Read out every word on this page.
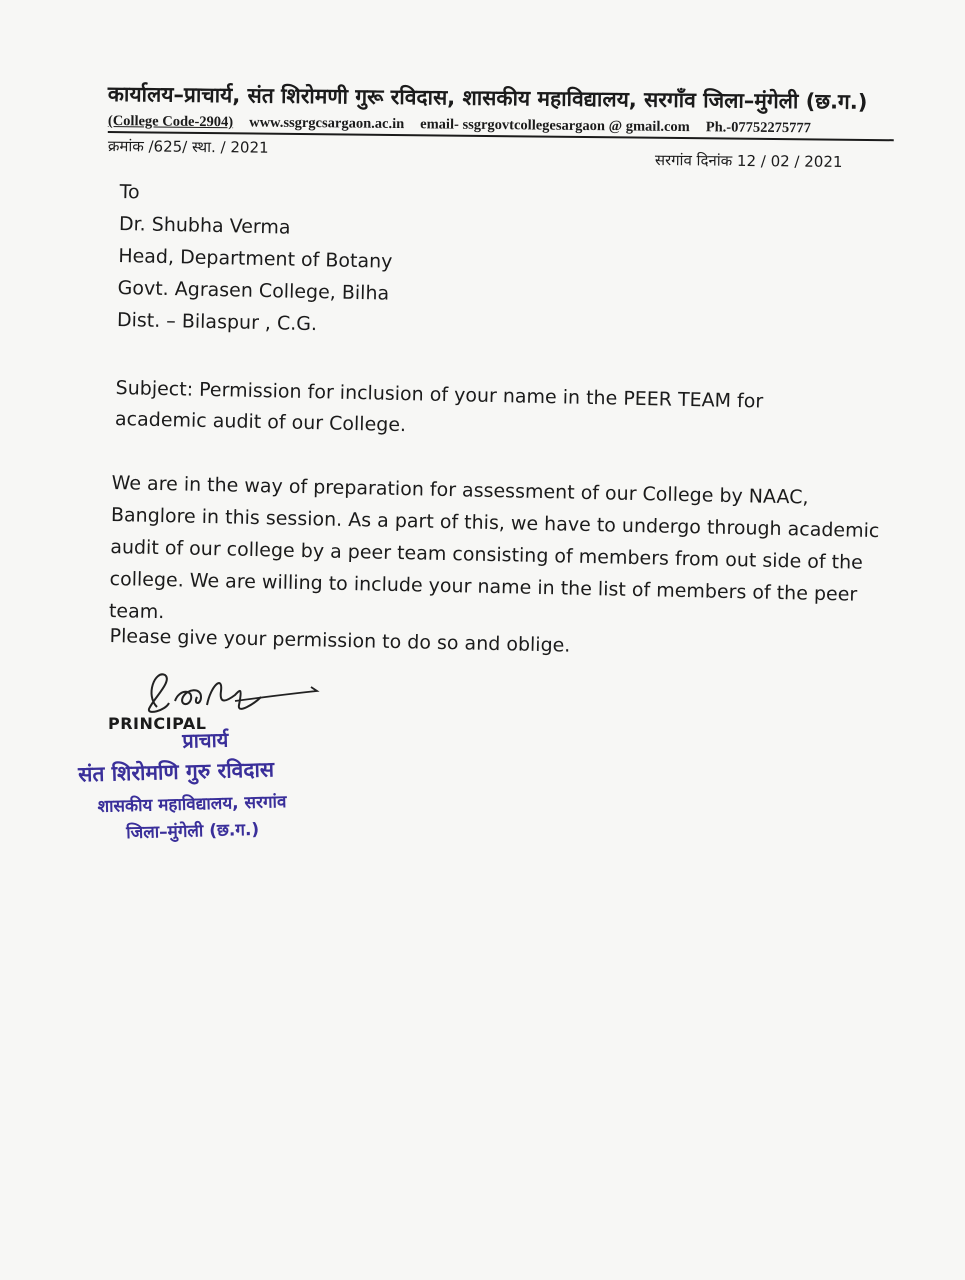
कार्यालय–प्राचार्य, संत शिरोमणी गुरू रविदास, शासकीय महाविद्यालय, सरगाँव जिला–मुंगेली (छ.ग.)
(College Code-2904) www.ssgrgcsargaon.ac.in email- ssgrgovtcollegesargaon @ gmail.com Ph.-07752275777
क्रमांक /625/ स्था. / 2021
सरगांव दिनांक 12 / 02 / 2021
To
Dr. Shubha Verma
Head, Department of Botany
Govt. Agrasen College, Bilha
Dist. – Bilaspur , C.G.
Subject: Permission for inclusion of your name in the PEER TEAM for academic audit of our College.
We are in the way of preparation for assessment of our College by NAAC, Banglore in this session. As a part of this, we have to undergo through academic audit of our college by a peer team consisting of members from out side of the college. We are willing to include your name in the list of members of the peer team.
Please give your permission to do so and oblige.
PRINCIPAL
प्राचार्य
संत शिरोमणि गुरु रविदास
शासकीय महाविद्यालय, सरगांव
जिला–मुंगेली (छ.ग.)
